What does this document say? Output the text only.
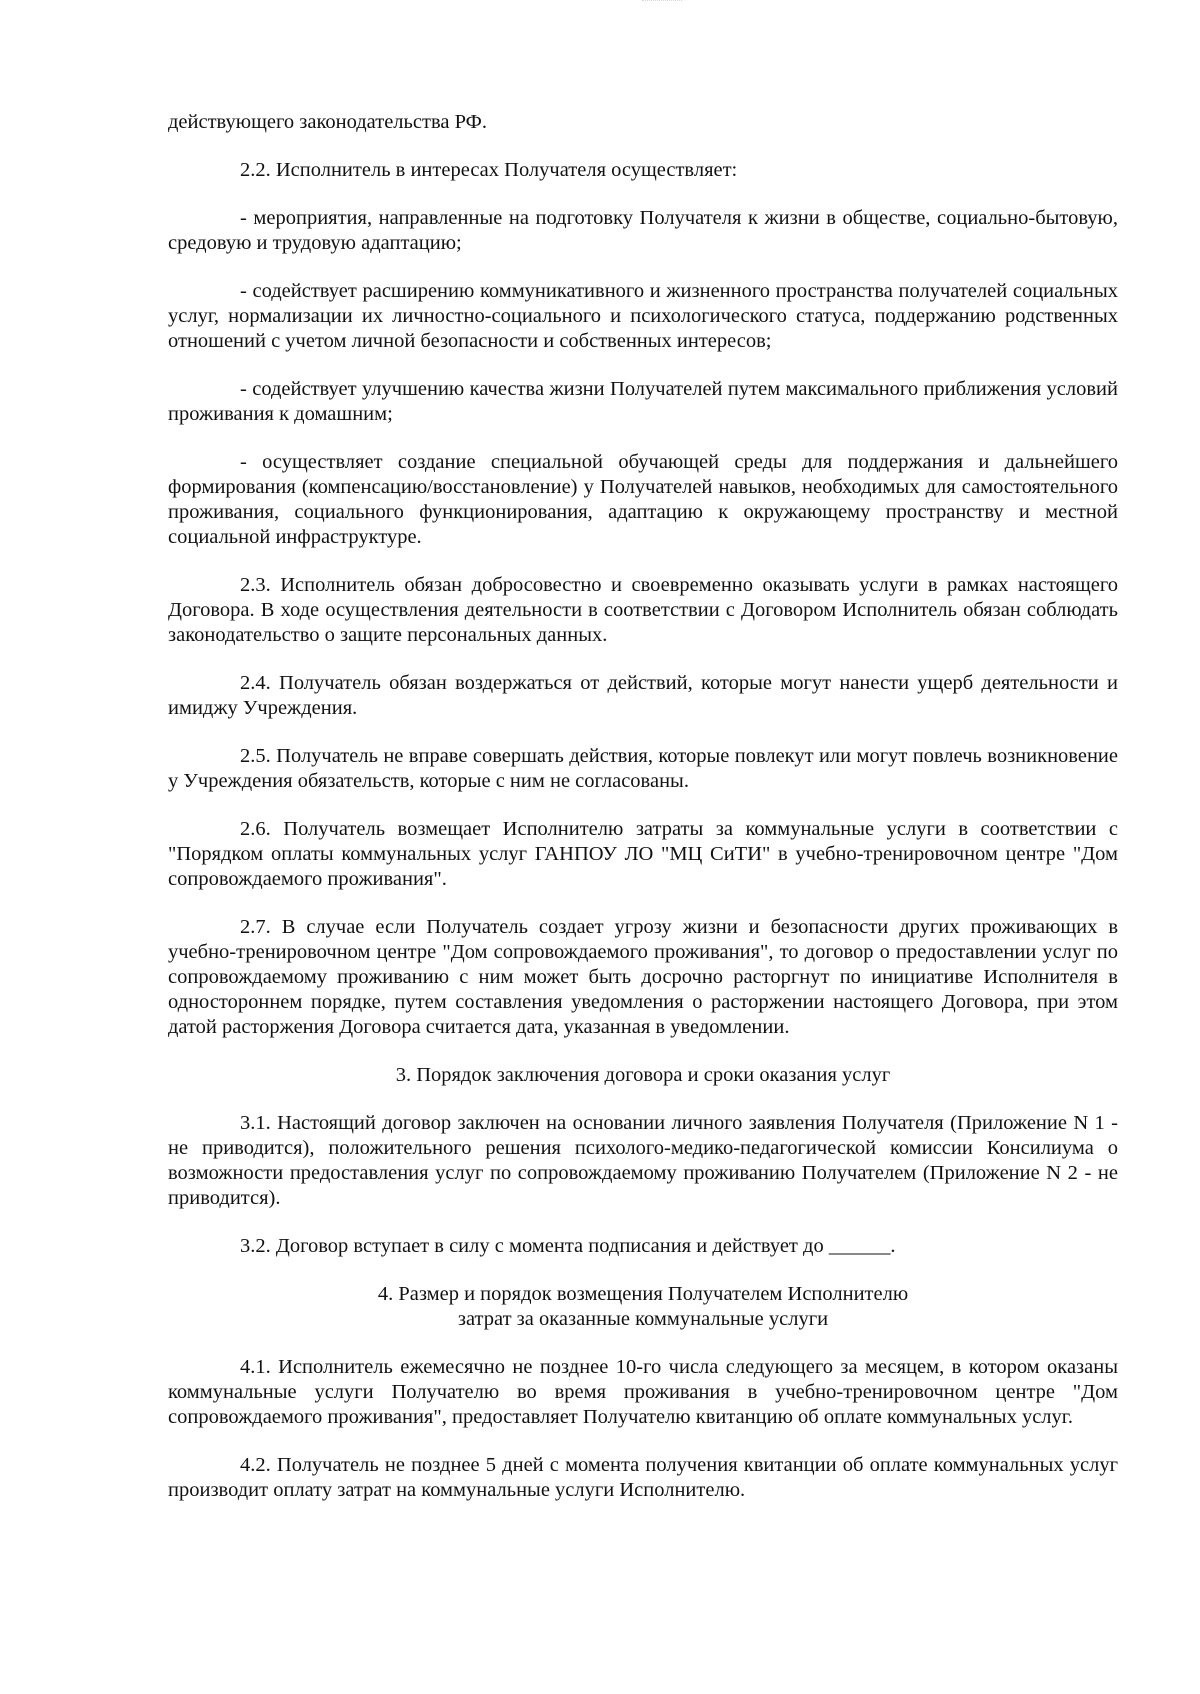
действующего законодательства РФ.

2.2. Исполнитель в интересах Получателя осуществляет:

- мероприятия, направленные на подготовку Получателя к жизни в обществе, социально-бытовую, средовую и трудовую адаптацию;

- содействует расширению коммуникативного и жизненного пространства получателей социальных услуг, нормализации их личностно-социального и психологического статуса, поддержанию родственных отношений с учетом личной безопасности и собственных интересов;

- содействует улучшению качества жизни Получателей путем максимального приближения условий проживания к домашним;

- осуществляет создание специальной обучающей среды для поддержания и дальнейшего формирования (компенсацию/восстановление) у Получателей навыков, необходимых для самостоятельного проживания, социального функционирования, адаптацию к окружающему пространству и местной социальной инфраструктуре.

2.3. Исполнитель обязан добросовестно и своевременно оказывать услуги в рамках настоящего Договора. В ходе осуществления деятельности в соответствии с Договором Исполнитель обязан соблюдать законодательство о защите персональных данных.

2.4. Получатель обязан воздержаться от действий, которые могут нанести ущерб деятельности и имиджу Учреждения.

2.5. Получатель не вправе совершать действия, которые повлекут или могут повлечь возникновение у Учреждения обязательств, которые с ним не согласованы.

2.6. Получатель возмещает Исполнителю затраты за коммунальные услуги в соответствии с "Порядком оплаты коммунальных услуг ГАНПОУ ЛО "МЦ СиТИ" в учебно-тренировочном центре "Дом сопровождаемого проживания".

2.7. В случае если Получатель создает угрозу жизни и безопасности других проживающих в учебно-тренировочном центре "Дом сопровождаемого проживания", то договор о предоставлении услуг по сопровождаемому проживанию с ним может быть досрочно расторгнут по инициативе Исполнителя в одностороннем порядке, путем составления уведомления о расторжении настоящего Договора, при этом датой расторжения Договора считается дата, указанная в уведомлении.

3. Порядок заключения договора и сроки оказания услуг

3.1. Настоящий договор заключен на основании личного заявления Получателя (Приложение N 1 - не приводится), положительного решения психолого-медико-педагогической комиссии Консилиума о возможности предоставления услуг по сопровождаемому проживанию Получателем (Приложение N 2 - не приводится).

3.2. Договор вступает в силу с момента подписания и действует до ______.

4. Размер и порядок возмещения Получателем Исполнителю
затрат за оказанные коммунальные услуги

4.1. Исполнитель ежемесячно не позднее 10-го числа следующего за месяцем, в котором оказаны коммунальные услуги Получателю во время проживания в учебно-тренировочном центре "Дом сопровождаемого проживания", предоставляет Получателю квитанцию об оплате коммунальных услуг.

4.2. Получатель не позднее 5 дней с момента получения квитанции об оплате коммунальных услуг производит оплату затрат на коммунальные услуги Исполнителю.
